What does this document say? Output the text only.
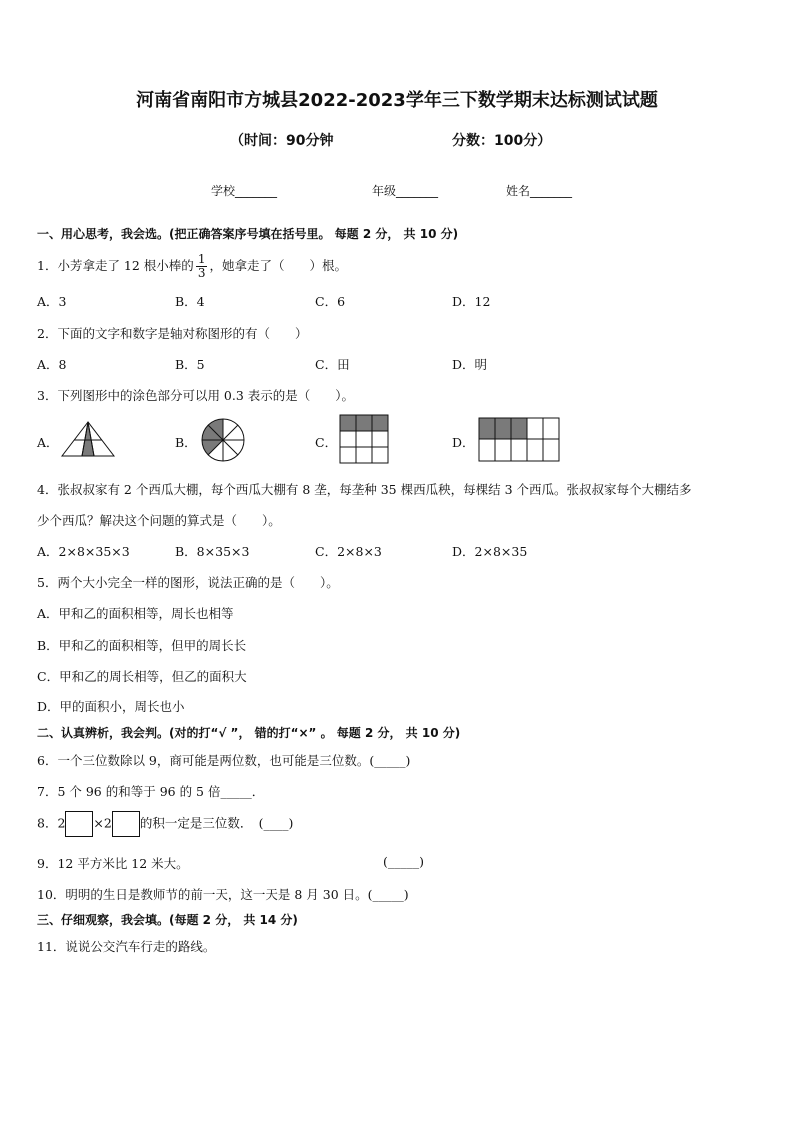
河南省南阳市方城县2022-2023学年三下数学期末达标测试试题
（时间：90分钟	分数：100分）
学校_______	年级_______	姓名_______
一、用心思考，我会选。(把正确答案序号填在括号里。 每题 2 分， 共 10 分)
1．小芳拿走了 12 根小棒的 $\frac{1}{3}$ ，她拿走了（　　）根。
A．3	B．4	C．6	D．12
2．下面的文字和数字是轴对称图形的有（　　）
A．8	B．5	C．田	D．明
3．下列图形中的涂色部分可以用 0.3 表示的是（　　）。
A．	B．	C．	D．
4．张叔叔家有 2 个西瓜大棚，每个西瓜大棚有 8 垄，每垄种 35 棵西瓜秧，每棵结 3 个西瓜。张叔叔家每个大棚结多
少个西瓜？解决这个问题的算式是（　　）。
A．2×8×35×3	B．8×35×3	C．2×8×3	D．2×8×35
5．两个大小完全一样的图形，说法正确的是（　　）。
A．甲和乙的面积相等，周长也相等
B．甲和乙的面积相等，但甲的周长长
C．甲和乙的周长相等，但乙的面积大
D．甲的面积小，周长也小
二、认真辨析，我会判。(对的打“√ ”， 错的打“×” 。 每题 2 分， 共 10 分)
6．一个三位数除以 9，商可能是两位数，也可能是三位数。(_____)
7．5 个 96 的和等于 96 的 5 倍_____．
8．2 ×2 的积一定是三位数．　(____)
9．12 平方米比 12 米大。	(_____)
10．明明的生日是教师节的前一天，这一天是 8 月 30 日。(_____)
三、仔细观察，我会填。(每题 2 分， 共 14 分)
11．说说公交汽车行走的路线。
